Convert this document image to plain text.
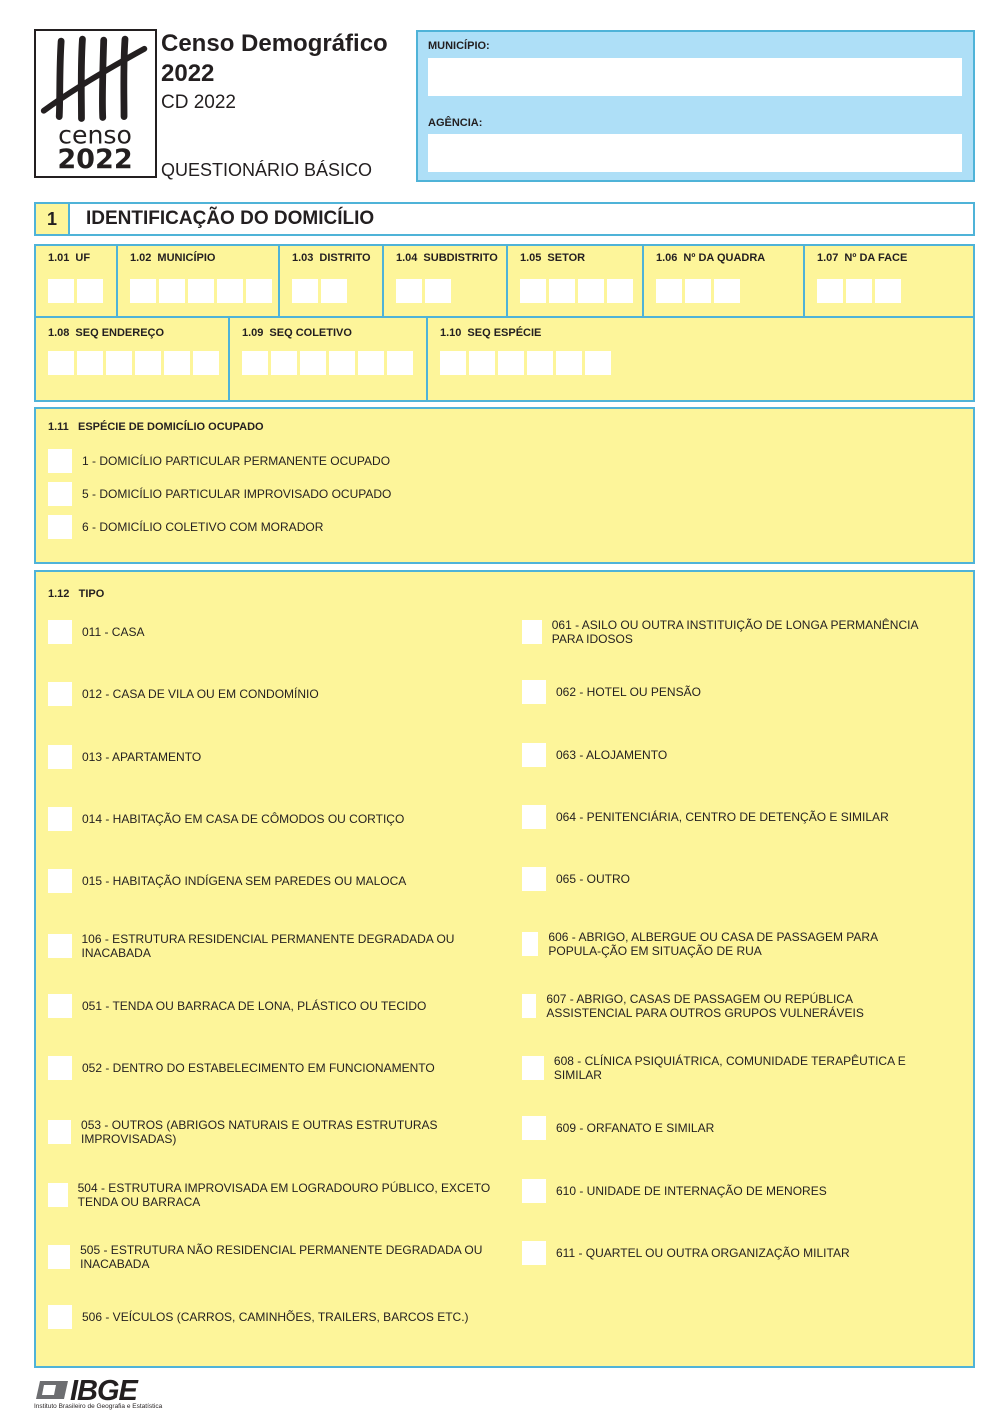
censo
2022
Censo Demográfico
2022
CD 2022
QUESTIONÁRIO BÁSICO
MUNICÍPIO:
AGÊNCIA:
1	IDENTIFICAÇÃO DO DOMICÍLIO
1.01 UF	1.02 MUNICÍPIO	1.03 DISTRITO 1.04 SUBDISTRITO 1.05 SETOR	1.06 Nº DA QUADRA	1.07 Nº DA FACE
1.08 SEQ ENDEREÇO	1.09 SEQ COLETIVO	1.10 SEQ ESPÉCIE
1.11 ESPÉCIE DE DOMICÍLIO OCUPADO
1 - DOMICÍLIO PARTICULAR PERMANENTE OCUPADO
5 - DOMICÍLIO PARTICULAR IMPROVISADO OCUPADO
6 - DOMICÍLIO COLETIVO COM MORADOR
1.12 TIPO
011 - CASA
012 - CASA DE VILA OU EM CONDOMÍNIO
013 - APARTAMENTO
014 - HABITAÇÃO EM CASA DE CÔMODOS OU CORTIÇO
015 - HABITAÇÃO INDÍGENA SEM PAREDES OU MALOCA
106 - ESTRUTURA RESIDENCIAL PERMANENTE DEGRADADA OU INACABADA
051 - TENDA OU BARRACA DE LONA, PLÁSTICO OU TECIDO
052 - DENTRO DO ESTABELECIMENTO EM FUNCIONAMENTO
053 - OUTROS (ABRIGOS NATURAIS E OUTRAS ESTRUTURAS IMPROVISADAS)
504 - ESTRUTURA IMPROVISADA EM LOGRADOURO PÚBLICO, EXCETO TENDA OU BARRACA
505 - ESTRUTURA NÃO RESIDENCIAL PERMANENTE DEGRADADA OU INACABADA
506 - VEÍCULOS (CARROS, CAMINHÕES, TRAILERS, BARCOS ETC.)
061 - ASILO OU OUTRA INSTITUIÇÃO DE LONGA PERMANÊNCIA PARA IDOSOS
062 - HOTEL OU PENSÃO
063 - ALOJAMENTO
064 - PENITENCIÁRIA, CENTRO DE DETENÇÃO E SIMILAR
065 - OUTRO
606 - ABRIGO, ALBERGUE OU CASA DE PASSAGEM PARA POPULA-ÇÃO EM SITUAÇÃO DE RUA
607 - ABRIGO, CASAS DE PASSAGEM OU REPÚBLICA ASSISTENCIAL PARA OUTROS GRUPOS VULNERÁVEIS
608 - CLÍNICA PSIQUIÁTRICA, COMUNIDADE TERAPÊUTICA E SIMILAR
609 - ORFANATO E SIMILAR
610 - UNIDADE DE INTERNAÇÃO DE MENORES
611 - QUARTEL OU OUTRA ORGANIZAÇÃO MILITAR
IBGE
Instituto Brasileiro de Geografia e Estatística
